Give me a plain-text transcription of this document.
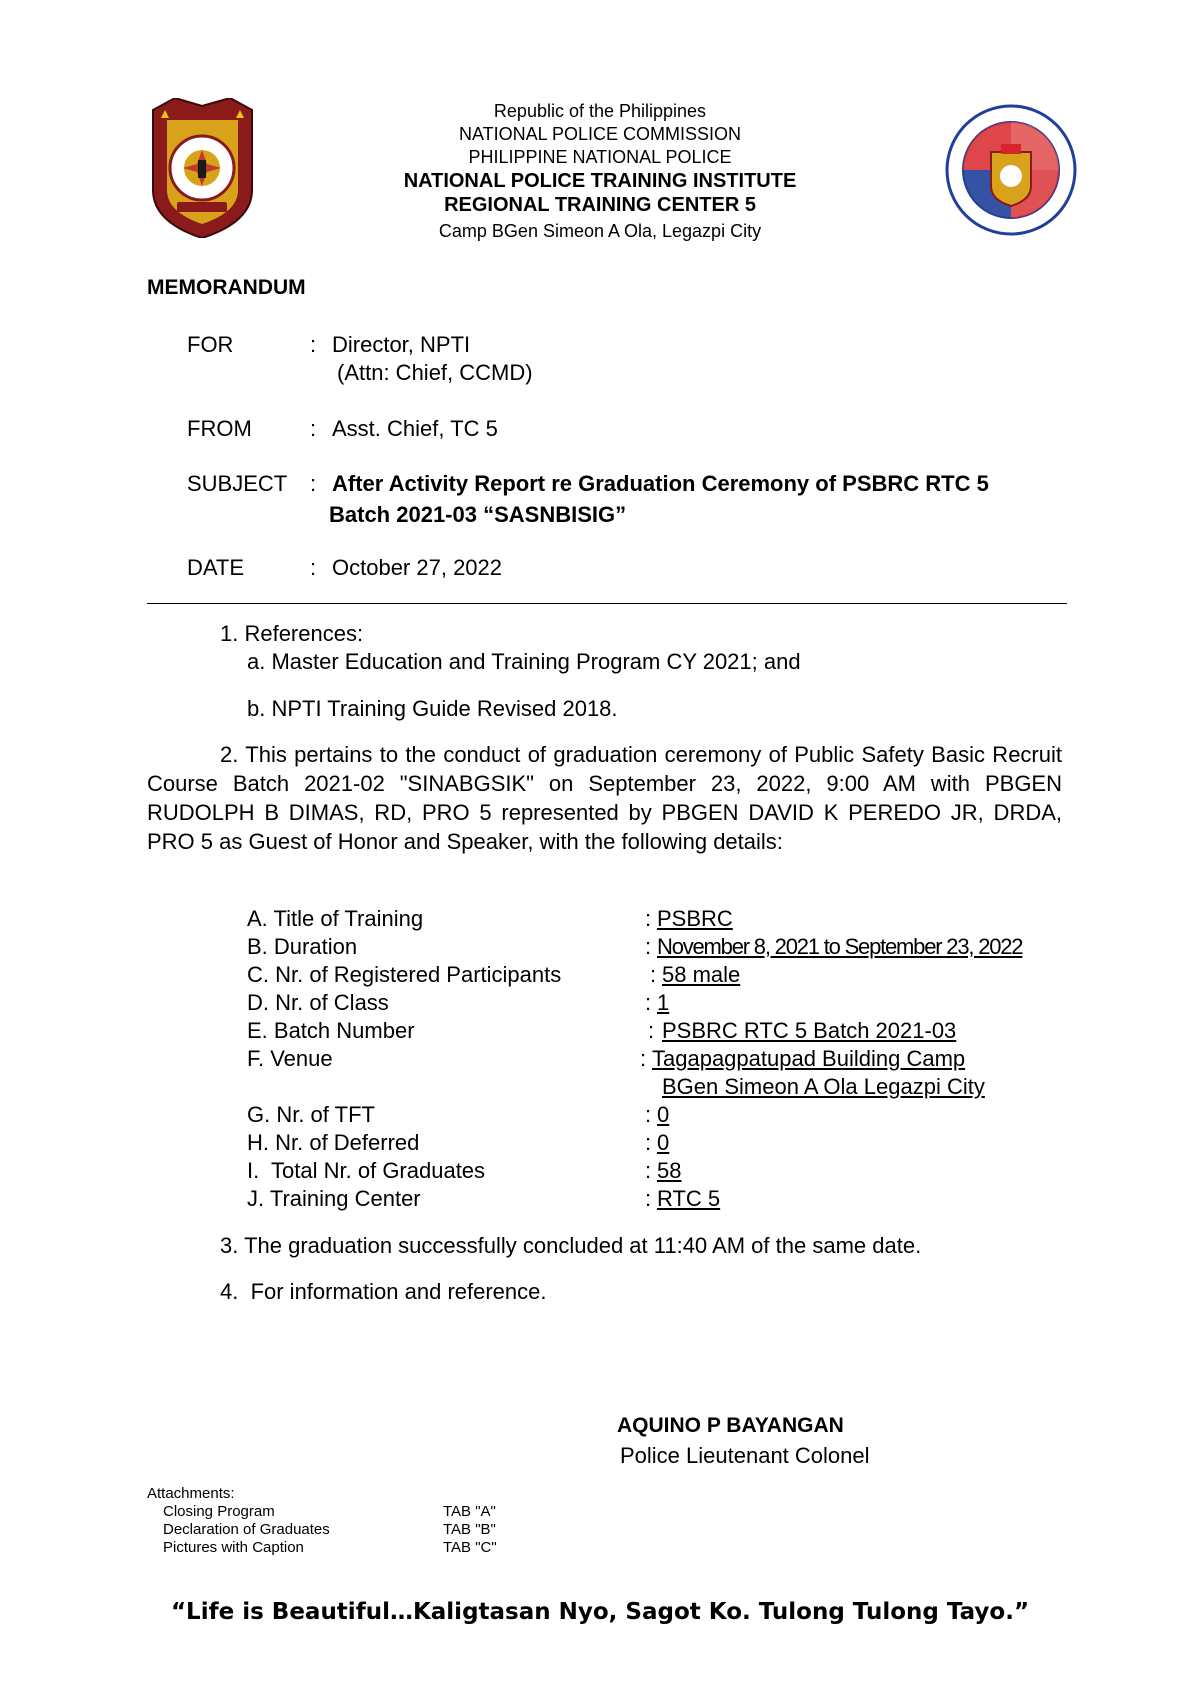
Republic of the Philippines
NATIONAL POLICE COMMISSION
PHILIPPINE NATIONAL POLICE
NATIONAL POLICE TRAINING INSTITUTE
REGIONAL TRAINING CENTER 5
Camp BGen Simeon A Ola, Legazpi City
MEMORANDUM
FOR	: Director, NPTI
(Attn: Chief, CCMD)
FROM	: Asst. Chief, TC 5
SUBJECT : After Activity Report re Graduation Ceremony of PSBRC RTC 5
Batch 2021-03 “SASNBISIG”
DATE	: October 27, 2022
1. References:
a. Master Education and Training Program CY 2021; and
b. NPTI Training Guide Revised 2018.
2. This pertains to the conduct of graduation ceremony of Public Safety Basic Recruit Course Batch 2021-02 "SINABGSIK" on September 23, 2022, 9:00 AM with PBGEN RUDOLPH B DIMAS, RD, PRO 5 represented by PBGEN DAVID K PEREDO JR, DRDA, PRO 5 as Guest of Honor and Speaker, with the following details:
A. Title of Training	: PSBRC
B. Duration	: November 8, 2021 to September 23, 2022
C. Nr. of Registered Participants	: 58 male
D. Nr. of Class	: 1
E. Batch Number	: PSBRC RTC 5 Batch 2021-03
F. Venue	: Tagapagpatupad Building Camp
BGen Simeon A Ola Legazpi City
G. Nr. of TFT	: 0
H. Nr. of Deferred	: 0
I.  Total Nr. of Graduates	: 58
J. Training Center	: RTC 5
3. The graduation successfully concluded at 11:40 AM of the same date.
4.  For information and reference.
AQUINO P BAYANGAN
Police Lieutenant Colonel
Attachments:
Closing Program	TAB "A"
Declaration of Graduates	TAB "B"
Pictures with Caption	TAB "C"
“Life is Beautiful…Kaligtasan Nyo, Sagot Ko. Tulong Tulong Tayo.”
